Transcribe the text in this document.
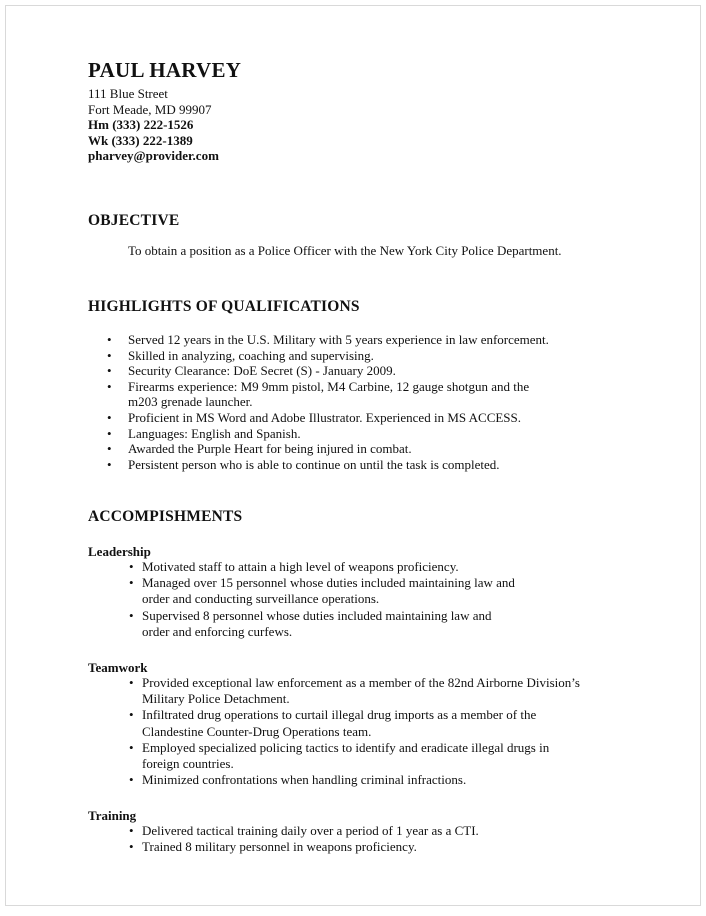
PAUL HARVEY
111 Blue Street
Fort Meade, MD 99907
Hm (333) 222-1526
Wk (333) 222-1389
pharvey@provider.com
OBJECTIVE
To obtain a position as a Police Officer with the New York City Police Department.
HIGHLIGHTS OF QUALIFICATIONS
• Served 12 years in the U.S. Military with 5 years experience in law enforcement.
• Skilled in analyzing, coaching and supervising.
• Security Clearance: DoE Secret (S) - January 2009.
• Firearms experience: M9 9mm pistol, M4 Carbine, 12 gauge shotgun and the m203 grenade launcher.
• Proficient in MS Word and Adobe Illustrator. Experienced in MS ACCESS.
• Languages: English and Spanish.
• Awarded the Purple Heart for being injured in combat.
• Persistent person who is able to continue on until the task is completed.
ACCOMPISHMENTS
Leadership
• Motivated staff to attain a high level of weapons proficiency.
• Managed over 15 personnel whose duties included maintaining law and order and conducting surveillance operations.
• Supervised 8 personnel whose duties included maintaining law and order and enforcing curfews.
Teamwork
• Provided exceptional law enforcement as a member of the 82nd Airborne Division’s Military Police Detachment.
• Infiltrated drug operations to curtail illegal drug imports as a member of the Clandestine Counter-Drug Operations team.
• Employed specialized policing tactics to identify and eradicate illegal drugs in foreign countries.
• Minimized confrontations when handling criminal infractions.
Training
• Delivered tactical training daily over a period of 1 year as a CTI.
• Trained 8 military personnel in weapons proficiency.
